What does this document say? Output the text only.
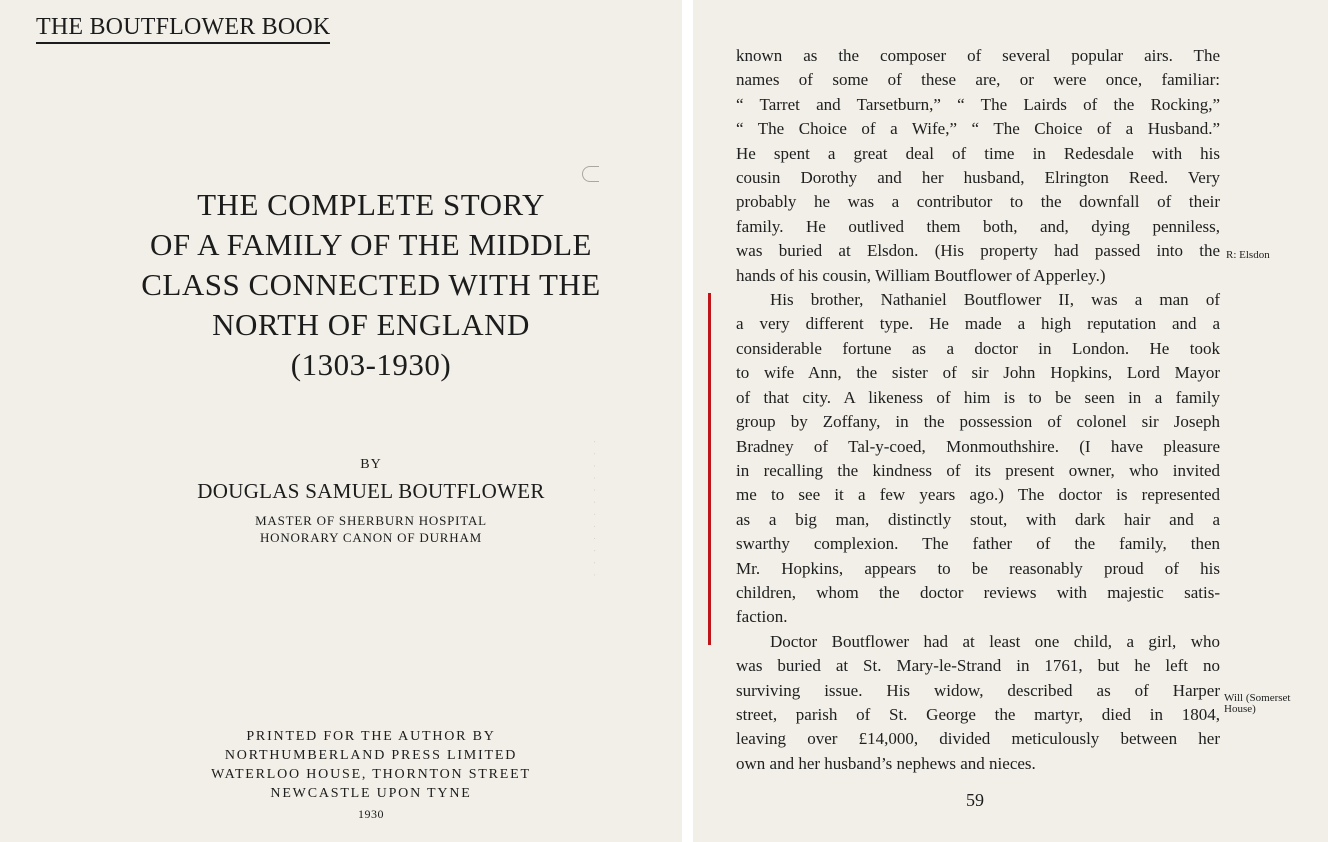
THE BOUTFLOWER BOOK
· · · · · · · · · · · ·
THE COMPLETE STORY
OF A FAMILY OF THE MIDDLE
CLASS CONNECTED WITH THE
NORTH OF ENGLAND
(1303-1930)
BY
DOUGLAS SAMUEL BOUTFLOWER
MASTER OF SHERBURN HOSPITAL
HONORARY CANON OF DURHAM
PRINTED FOR THE AUTHOR BY
NORTHUMBERLAND PRESS LIMITED
WATERLOO HOUSE, THORNTON STREET
NEWCASTLE UPON TYNE
1930
known as the composer of several popular airs. The
names of some of these are, or were once, familiar:
“ Tarret and Tarsetburn,” “ The Lairds of the Rocking,”
“ The Choice of a Wife,” “ The Choice of a Husband.”
He spent a great deal of time in Redesdale with his
cousin Dorothy and her husband, Elrington Reed. Very
probably he was a contributor to the downfall of their
family. He outlived them both, and, dying penniless,
was buried at Elsdon. (His property had passed into the
hands of his cousin, William Boutflower of Apperley.)
His brother, Nathaniel Boutflower II, was a man of
a very different type. He made a high reputation and a
considerable fortune as a doctor in London. He took
to wife Ann, the sister of sir John Hopkins, Lord Mayor
of that city. A likeness of him is to be seen in a family
group by Zoffany, in the possession of colonel sir Joseph
Bradney of Tal-y-coed, Monmouthshire. (I have pleasure
in recalling the kindness of its present owner, who invited
me to see it a few years ago.) The doctor is represented
as a big man, distinctly stout, with dark hair and a
swarthy complexion. The father of the family, then
Mr. Hopkins, appears to be reasonably proud of his
children, whom the doctor reviews with majestic satis-
faction.
Doctor Boutflower had at least one child, a girl, who
was buried at St. Mary-le-Strand in 1761, but he left no
surviving issue. His widow, described as of Harper
street, parish of St. George the martyr, died in 1804,
leaving over £14,000, divided meticulously between her
own and her husband’s nephews and nieces.
R: Elsdon
Will (Somerset House)
59
